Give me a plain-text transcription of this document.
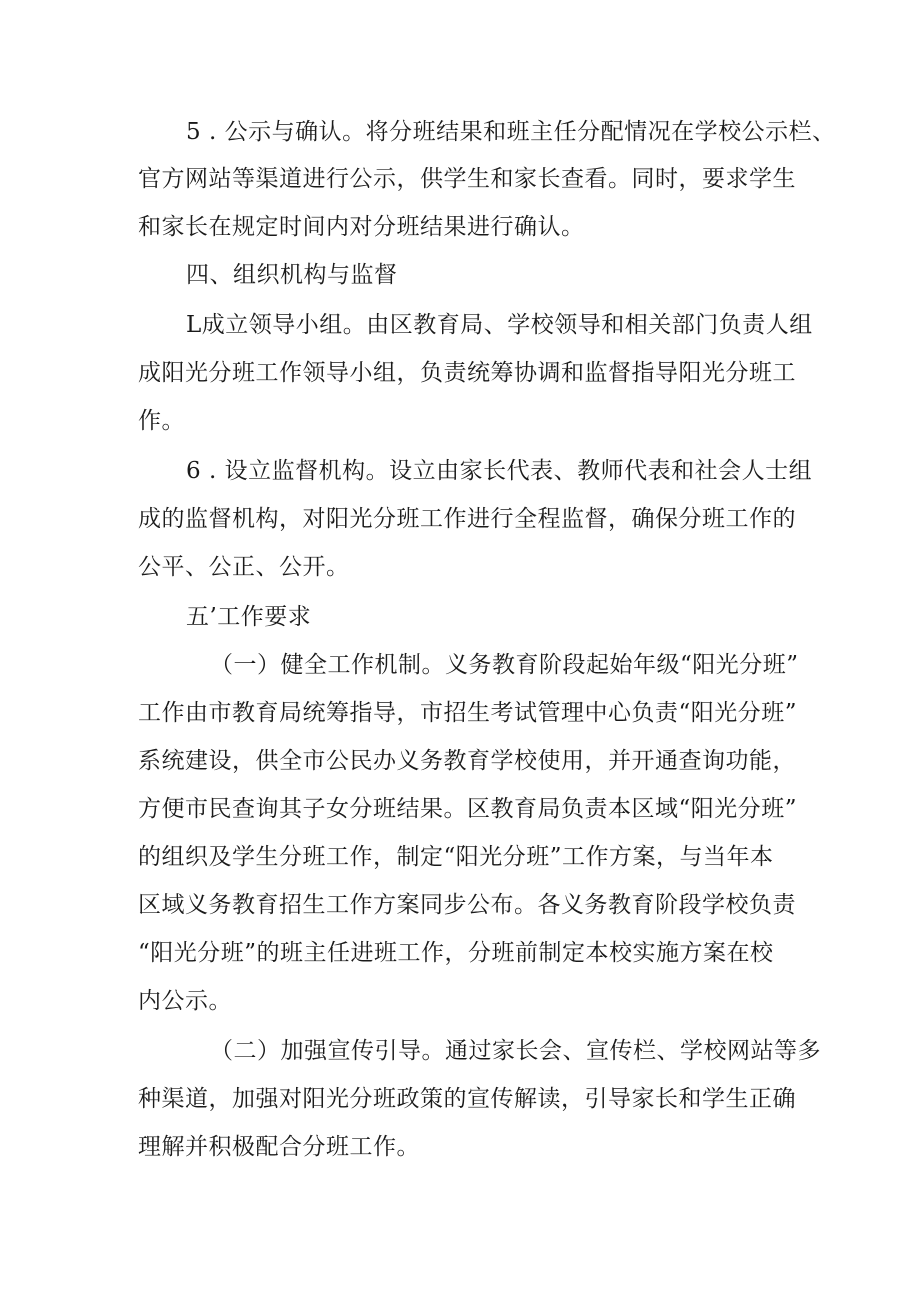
5 . 公示与确认。将分班结果和班主任分配情况在学校公示栏、
官方网站等渠道进行公示，供学生和家长查看。同时，要求学生
和家长在规定时间内对分班结果进行确认。
四、组织机构与监督
L成立领导小组。由区教育局、学校领导和相关部门负责人组
成阳光分班工作领导小组，负责统筹协调和监督指导阳光分班工
作。
6 . 设立监督机构。设立由家长代表、教师代表和社会人士组
成的监督机构，对阳光分班工作进行全程监督，确保分班工作的
公平、公正、公开。
五’工作要求
（一）健全工作机制。义务教育阶段起始年级“阳光分班”
工作由市教育局统筹指导，市招生考试管理中心负责“阳光分班”
系统建设，供全市公民办义务教育学校使用，并开通查询功能，
方便市民查询其子女分班结果。区教育局负责本区域“阳光分班”
的组织及学生分班工作，制定“阳光分班”工作方案，与当年本
区域义务教育招生工作方案同步公布。各义务教育阶段学校负责
“阳光分班”的班主任进班工作，分班前制定本校实施方案在校
内公示。
（二）加强宣传引导。通过家长会、宣传栏、学校网站等多
种渠道，加强对阳光分班政策的宣传解读，引导家长和学生正确
理解并积极配合分班工作。
